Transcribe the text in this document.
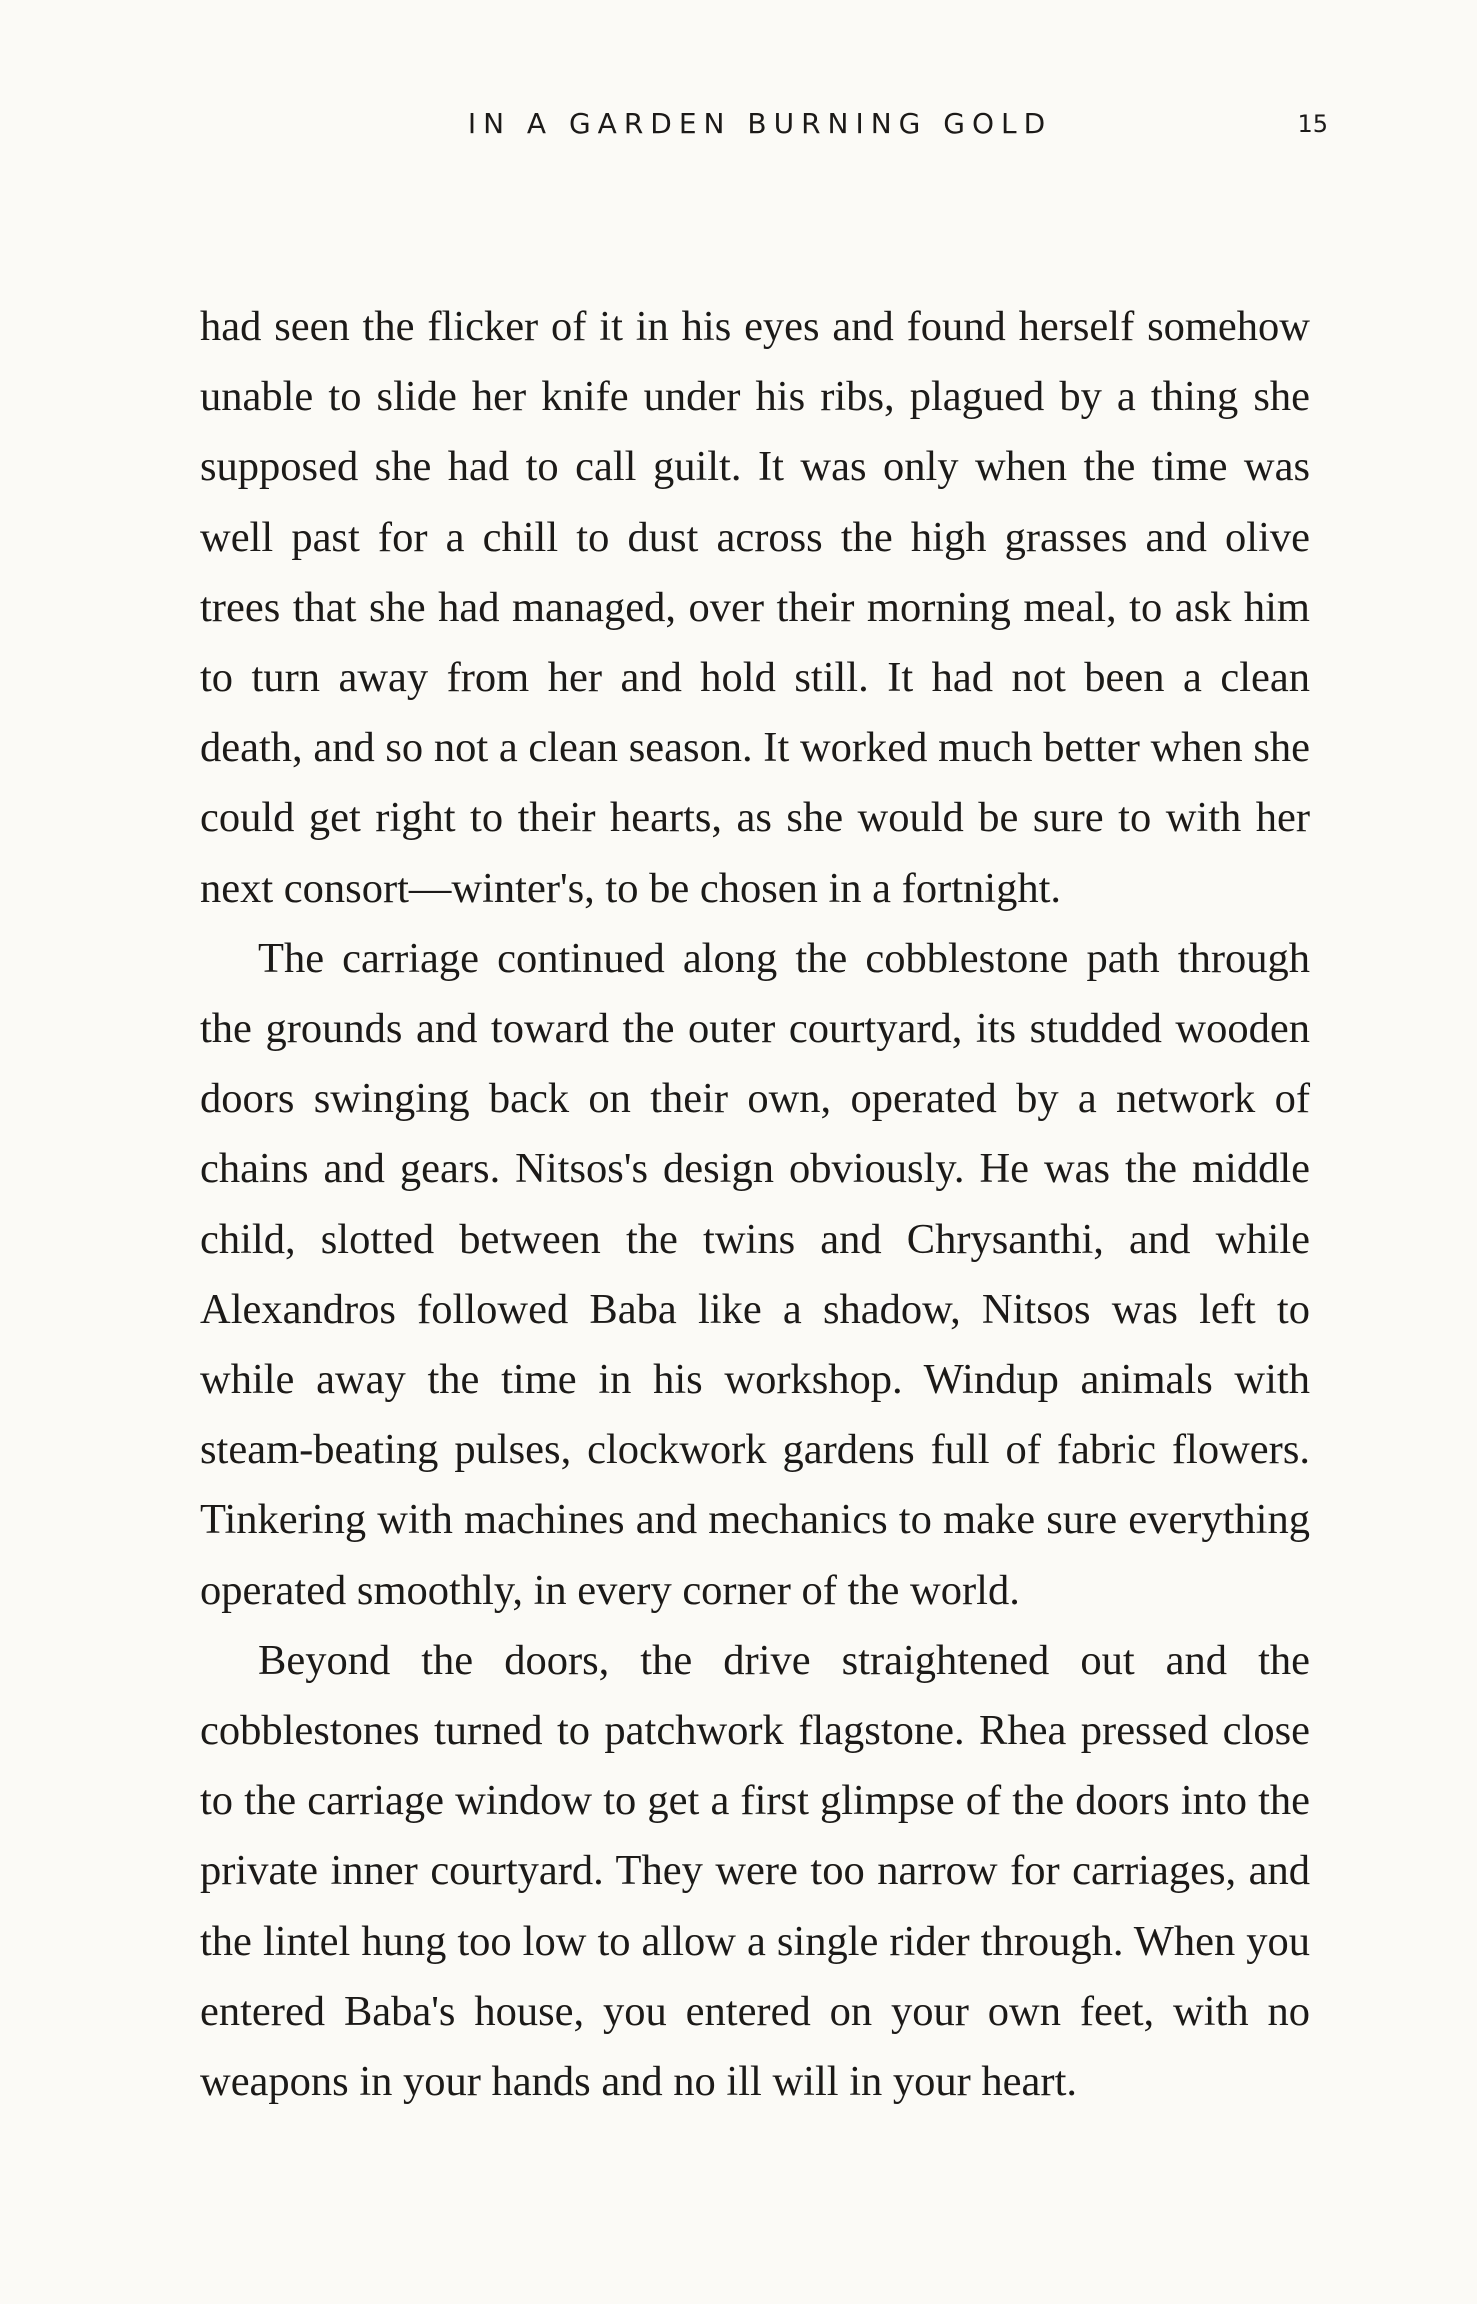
IN A GARDEN BURNING GOLD	15

had seen the flicker of it in his eyes and found herself somehow unable to slide her knife under his ribs, plagued by a thing she supposed she had to call guilt. It was only when the time was well past for a chill to dust across the high grasses and olive trees that she had managed, over their morning meal, to ask him to turn away from her and hold still. It had not been a clean death, and so not a clean season. It worked much better when she could get right to their hearts, as she would be sure to with her next consort—winter's, to be chosen in a fortnight.

The carriage continued along the cobblestone path through the grounds and toward the outer courtyard, its studded wooden doors swinging back on their own, operated by a network of chains and gears. Nitsos's design obviously. He was the middle child, slotted between the twins and Chrysanthi, and while Alexandros followed Baba like a shadow, Nitsos was left to while away the time in his workshop. Windup animals with steam-beating pulses, clockwork gardens full of fabric flowers. Tinkering with machines and mechanics to make sure everything operated smoothly, in every corner of the world.

Beyond the doors, the drive straightened out and the cobblestones turned to patchwork flagstone. Rhea pressed close to the carriage window to get a first glimpse of the doors into the private inner courtyard. They were too narrow for carriages, and the lintel hung too low to allow a single rider through. When you entered Baba's house, you entered on your own feet, with no weapons in your hands and no ill will in your heart.
